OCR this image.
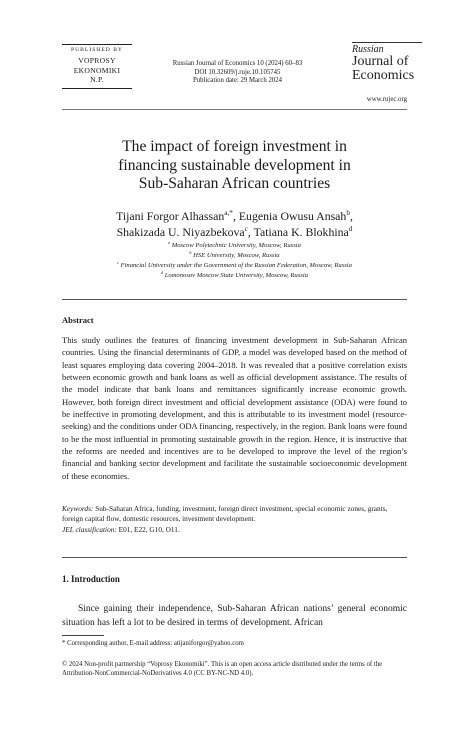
PUBLISHED BY
VOPROSY
EKONOMIKI
N.P.
Russian Journal of Economics 10 (2024) 60–83
DOI 10.32609/j.ruje.10.105745
Publication date: 29 March 2024
Russian
Journal of
Economics
www.rujec.org
The impact of foreign investment in
financing sustainable development in
Sub-Saharan African countries
Tijani Forgor Alhassan$^{a,*}$, Eugenia Owusu Ansah$^b$,
Shakizada U. Niyazbekova$^c$, Tatiana K. Blokhina$^d$
$^a$ Moscow Polytechnic University, Moscow, Russia
$^b$ HSE University, Moscow, Russia
$^c$ Financial University under the Government of the Russian Federation, Moscow, Russia
$^d$ Lomonosov Moscow State University, Moscow, Russia
Abstract
This study outlines the features of financing investment development in Sub-Saharan African countries. Using the financial determinants of GDP, a model was developed based on the method of least squares employing data covering 2004–2018. It was revealed that a positive correlation exists between economic growth and bank loans as well as official development assistance. The results of the model indicate that bank loans and remittances significantly increase economic growth. However, both foreign direct investment and official development assistance (ODA) were found to be ineffective in promoting development, and this is attributable to its investment model (resource-seeking) and the conditions under ODA financing, respectively, in the region. Bank loans were found to be the most influential in promoting sustainable growth in the region. Hence, it is instructive that the reforms are needed and incentives are to be developed to improve the level of the region’s financial and banking sector development and facilitate the sustainable socioeconomic development of these economies.
Keywords: Sub-Saharan Africa, funding, investment, foreign direct investment, special economic zones, grants, foreign capital flow, domestic resources, investment development.
JEL classification: E01, E22, G10, O11.
1. Introduction
Since gaining their independence, Sub-Saharan African nations’ general economic situation has left a lot to be desired in terms of development. African
* Corresponding author, E-mail address: atijaniforgor@yahoo.com
© 2024 Non-profit partnership “Voprosy Ekonomiki”. This is an open access article distributed under the terms of the Attribution-NonCommercial-NoDerivatives 4.0 (CC BY-NC-ND 4.0).
